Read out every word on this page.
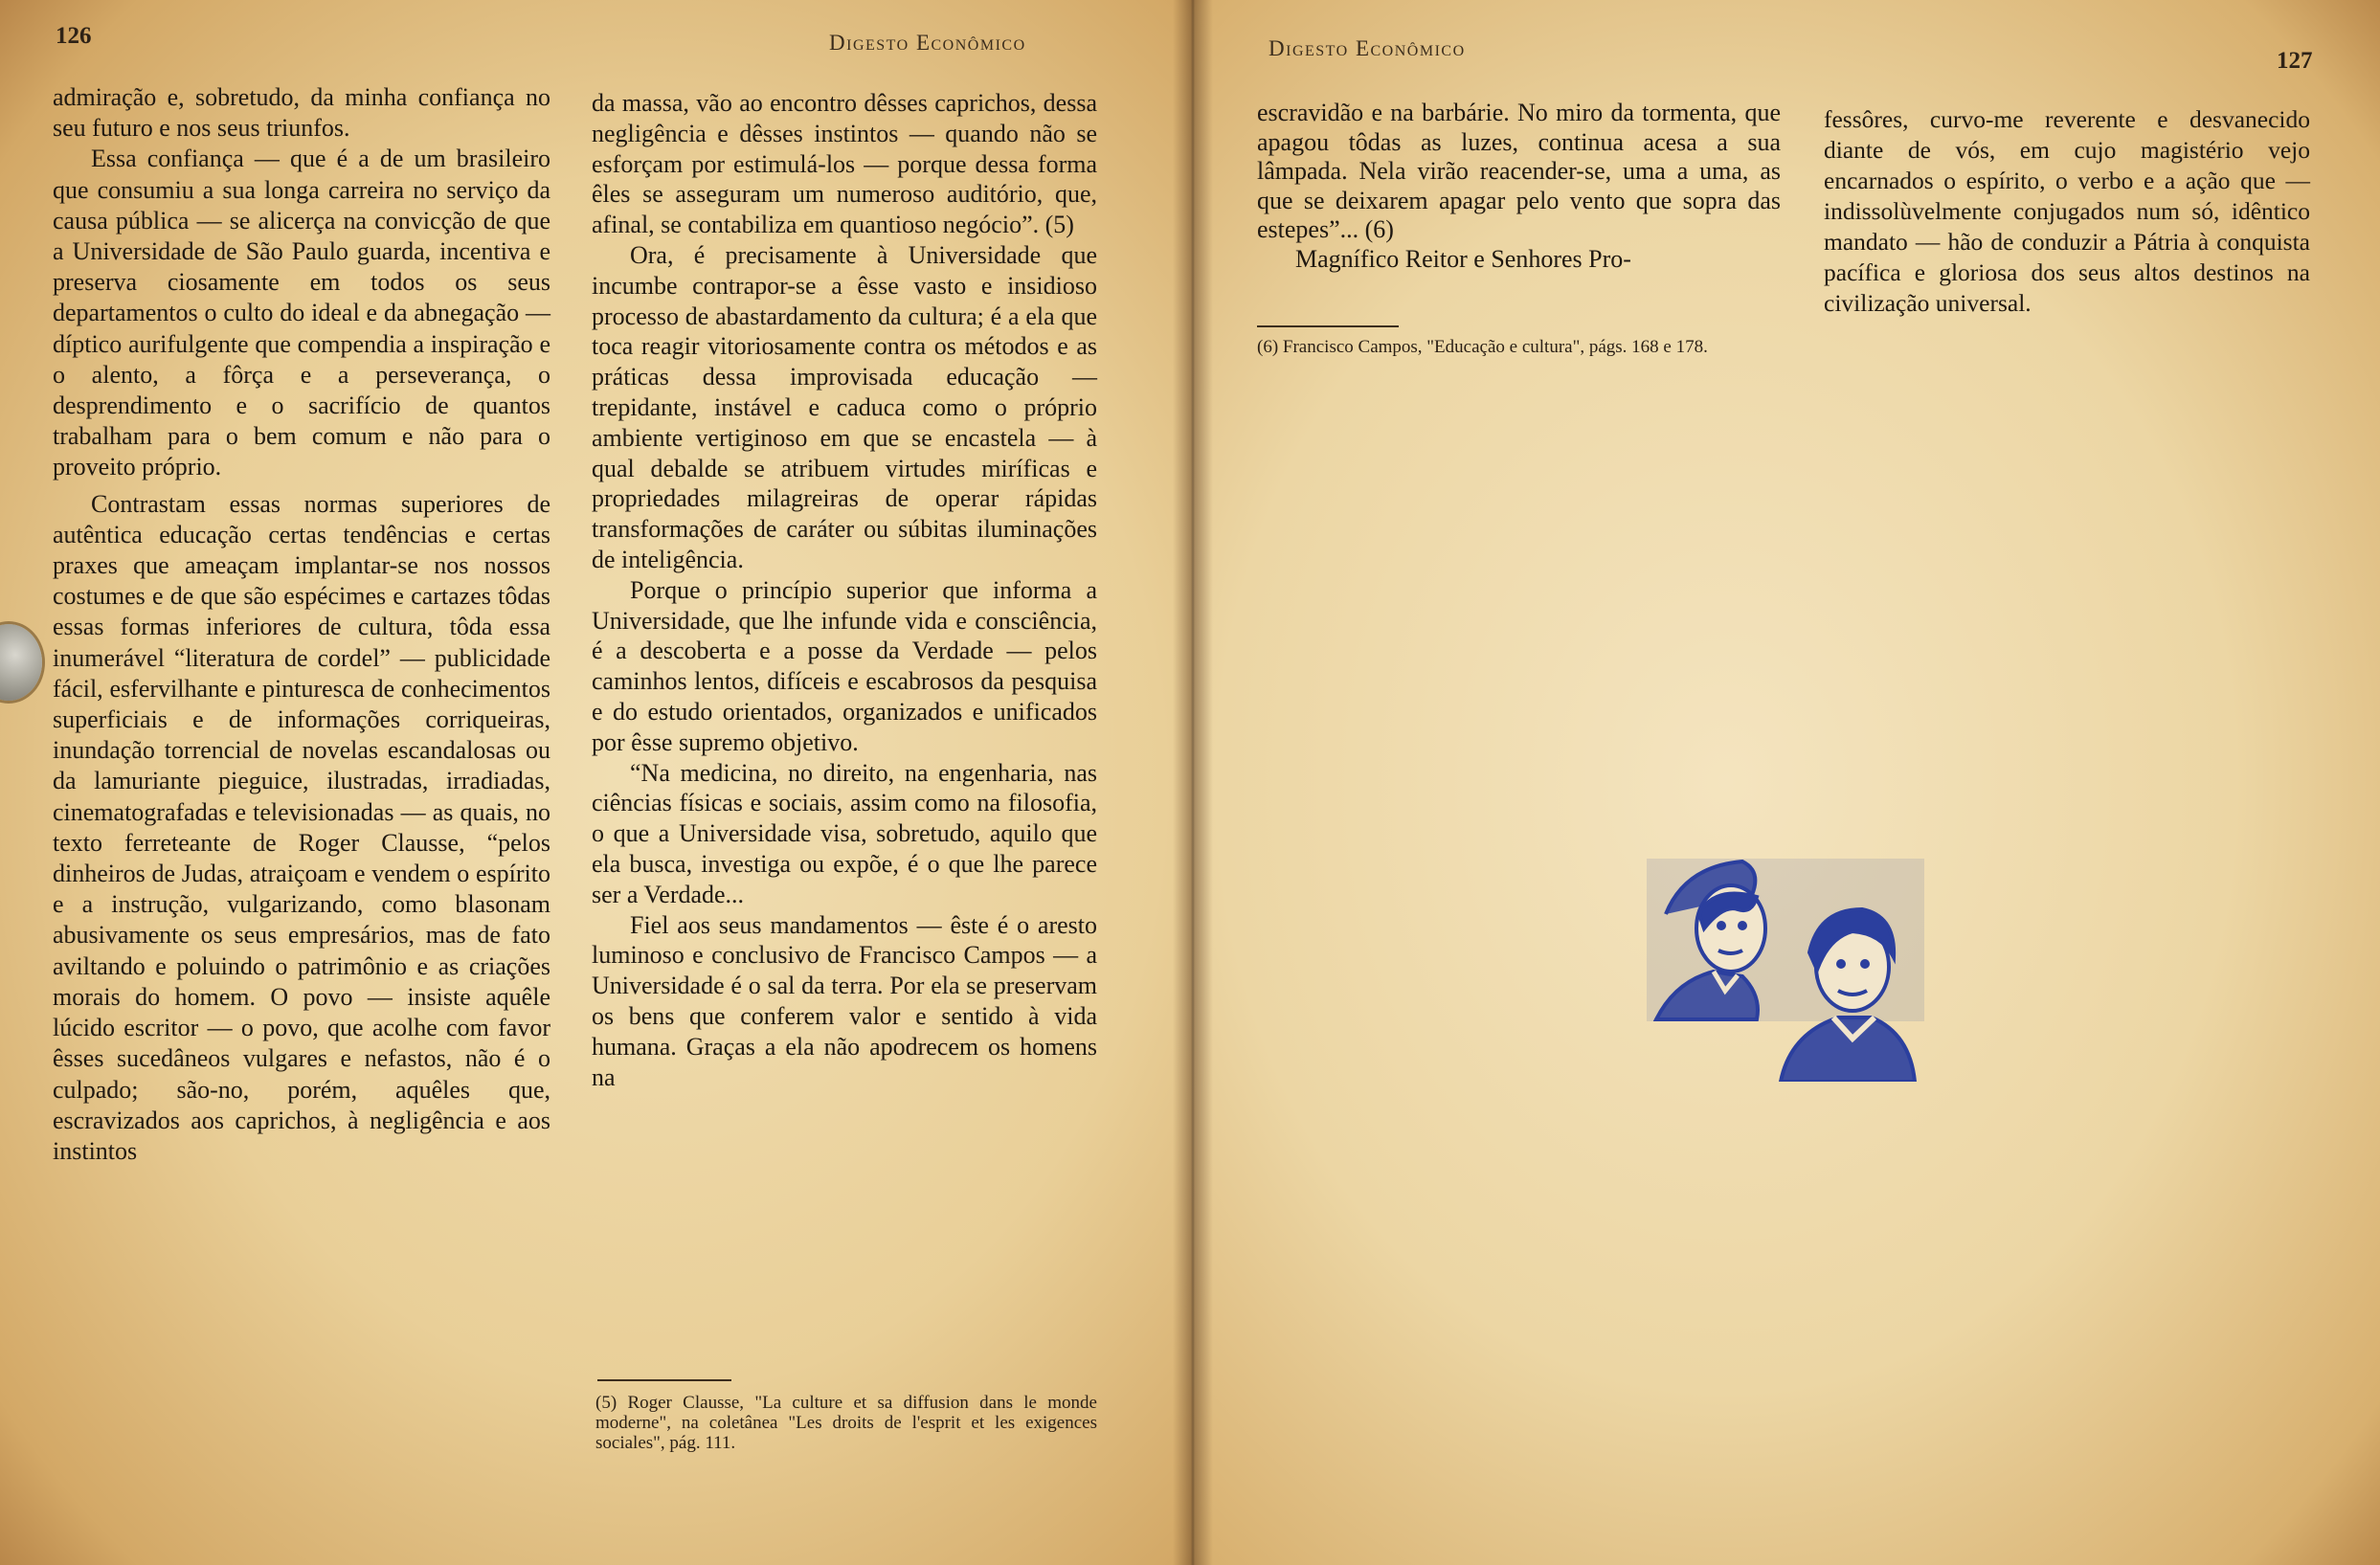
126	Digesto Econômico

admiração e, sobretudo, da minha confiança no seu futuro e nos seus triunfos.

Essa confiança — que é a de um brasileiro que consumiu a sua longa carreira no serviço da causa pública — se alicerça na convicção de que a Universidade de São Paulo guarda, incentiva e preserva ciosamente em todos os seus departamentos o culto do ideal e da abnegação — díptico aurifulgente que compendia a inspiração e o alento, a fôrça e a perseverança, o desprendimento e o sacrifício de quantos trabalham para o bem comum e não para o proveito próprio.

Contrastam essas normas superiores de autêntica educação certas tendências e certas praxes que ameaçam implantar-se nos nossos costumes e de que são espécimes e cartazes tôdas essas formas inferiores de cultura, tôda essa inumerável “literatura de cordel” — publicidade fácil, esfervilhante e pinturesca de conhecimentos superficiais e de informações corriqueiras, inundação torrencial de novelas escandalosas ou da lamuriante pieguice, ilustradas, irradiadas, cinematografadas e televisionadas — as quais, no texto ferreteante de Roger Clausse, “pelos dinheiros de Judas, atraiçoam e vendem o espírito e a instrução, vulgarizando, como blasonam abusivamente os seus empresários, mas de fato aviltando e poluindo o patrimônio e as criações morais do homem. O povo — insiste aquêle lúcido escritor — o povo, que acolhe com favor êsses sucedâneos vulgares e nefastos, não é o culpado; são-no, porém, aquêles que, escravizados aos caprichos, à negligência e aos instintos

da massa, vão ao encontro dêsses caprichos, dessa negligência e dêsses instintos — quando não se esforçam por estimulá-los — porque dessa forma êles se asseguram um numeroso auditório, que, afinal, se contabiliza em quantioso negócio”. (5)

Ora, é precisamente à Universidade que incumbe contrapor-se a êsse vasto e insidioso processo de abastardamento da cultura; é a ela que toca reagir vitoriosamente contra os métodos e as práticas dessa improvisada educação — trepidante, instável e caduca como o próprio ambiente vertiginoso em que se encastela — à qual debalde se atribuem virtudes miríficas e propriedades milagreiras de operar rápidas transformações de caráter ou súbitas iluminações de inteligência.

Porque o princípio superior que informa a Universidade, que lhe infunde vida e consciência, é a descoberta e a posse da Verdade — pelos caminhos lentos, difíceis e escabrosos da pesquisa e do estudo orientados, organizados e unificados por êsse supremo objetivo.

“Na medicina, no direito, na engenharia, nas ciências físicas e sociais, assim como na filosofia, o que a Universidade visa, sobretudo, aquilo que ela busca, investiga ou expõe, é o que lhe parece ser a Verdade...

Fiel aos seus mandamentos — êste é o aresto luminoso e conclusivo de Francisco Campos — a Universidade é o sal da terra. Por ela se preservam os bens que conferem valor e sentido à vida humana. Graças a ela não apodrecem os homens na

(5) Roger Clausse, "La culture et sa diffusion dans le monde moderne", na coletânea "Les droits de l'esprit et les exigences sociales", pág. 111.
Digesto Econômico	127

escravidão e na barbárie. No miro da tormenta, que apagou tôdas as luzes, continua acesa a sua lâmpada. Nela virão reacender-se, uma a uma, as que se deixarem apagar pelo vento que sopra das estepes”... (6)

Magnífico Reitor e Senhores Pro-

(6) Francisco Campos, "Educação e cultura", págs. 168 e 178.

fessôres, curvo-me reverente e desvanecido diante de vós, em cujo magistério vejo encarnados o espírito, o verbo e a ação que — indissolùvelmente conjugados num só, idêntico mandato — hão de conduzir a Pátria à conquista pacífica e gloriosa dos seus altos destinos na civilização universal.
